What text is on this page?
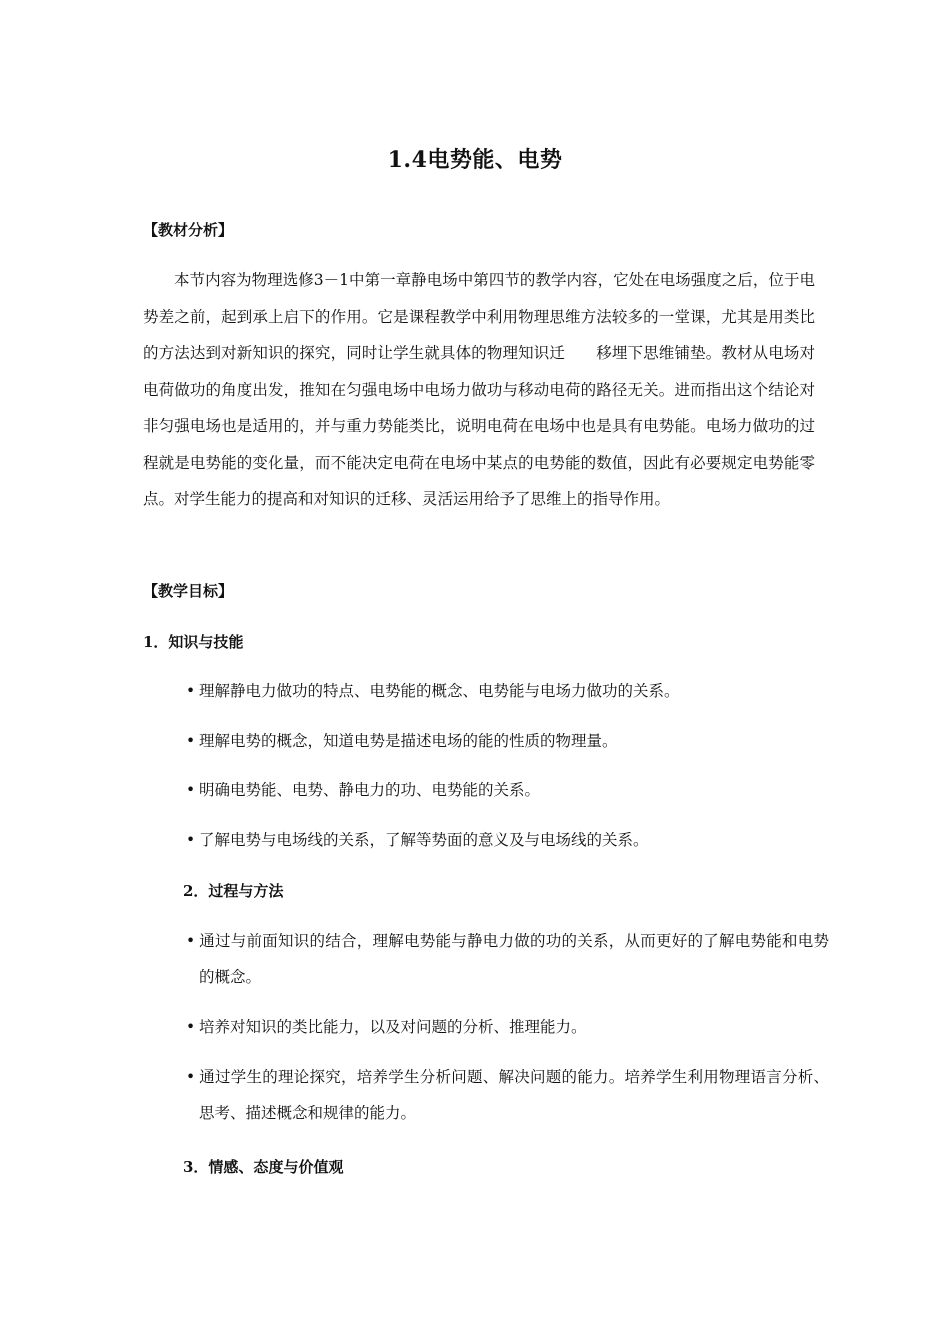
1.4电势能、电势
【教材分析】

本节内容为物理选修3－1中第一章静电场中第四节的教学内容，它处在电场强度之后，位于电势差之前，起到承上启下的作用。它是课程教学中利用物理思维方法较多的一堂课，尤其是用类比的方法达到对新知识的探究，同时让学生就具体的物理知识迁　　移埋下思维铺垫。教材从电场对电荷做功的角度出发，推知在匀强电场中电场力做功与移动电荷的路径无关。进而指出这个结论对非匀强电场也是适用的，并与重力势能类比，说明电荷在电场中也是具有电势能。电场力做功的过程就是电势能的变化量，而不能决定电荷在电场中某点的电势能的数值，因此有必要规定电势能零点。对学生能力的提高和对知识的迁移、灵活运用给予了思维上的指导作用。

【教学目标】
1．知识与技能

• 理解静电力做功的特点、电势能的概念、电势能与电场力做功的关系。

• 理解电势的概念，知道电势是描述电场的能的性质的物理量。

• 明确电势能、电势、静电力的功、电势能的关系。

• 了解电势与电场线的关系，了解等势面的意义及与电场线的关系。

2．过程与方法

• 通过与前面知识的结合，理解电势能与静电力做的功的关系，从而更好的了解电势能和电势的概念。

• 培养对知识的类比能力，以及对问题的分析、推理能力。

• 通过学生的理论探究，培养学生分析问题、解决问题的能力。培养学生利用物理语言分析、思考、描述概念和规律的能力。

3．情感、态度与价值观
